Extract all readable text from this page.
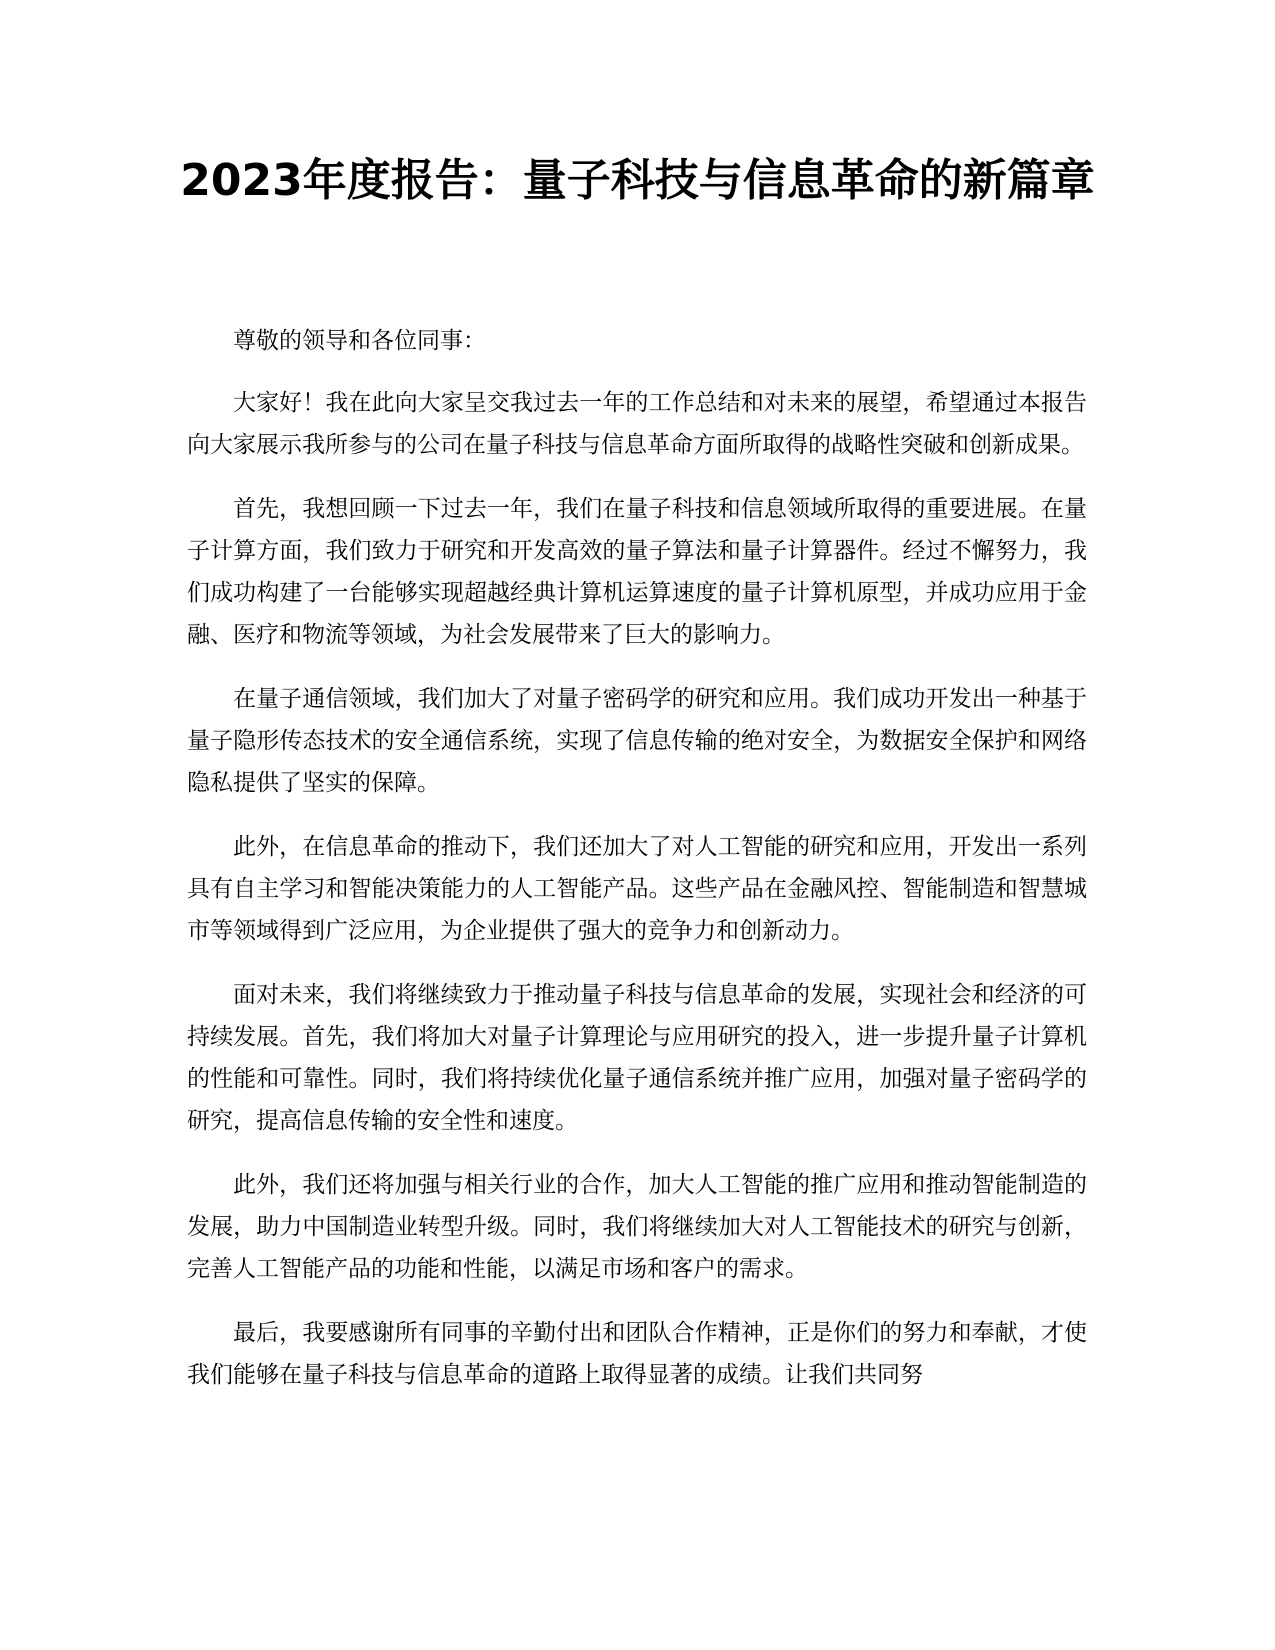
2023年度报告：量子科技与信息革命的新篇章

尊敬的领导和各位同事：

大家好！我在此向大家呈交我过去一年的工作总结和对未来的展望，希望通过本报告向大家展示我所参与的公司在量子科技与信息革命方面所取得的战略性突破和创新成果。

首先，我想回顾一下过去一年，我们在量子科技和信息领域所取得的重要进展。在量子计算方面，我们致力于研究和开发高效的量子算法和量子计算器件。经过不懈努力，我们成功构建了一台能够实现超越经典计算机运算速度的量子计算机原型，并成功应用于金融、医疗和物流等领域，为社会发展带来了巨大的影响力。

在量子通信领域，我们加大了对量子密码学的研究和应用。我们成功开发出一种基于量子隐形传态技术的安全通信系统，实现了信息传输的绝对安全，为数据安全保护和网络隐私提供了坚实的保障。

此外，在信息革命的推动下，我们还加大了对人工智能的研究和应用，开发出一系列具有自主学习和智能决策能力的人工智能产品。这些产品在金融风控、智能制造和智慧城市等领域得到广泛应用，为企业提供了强大的竞争力和创新动力。

面对未来，我们将继续致力于推动量子科技与信息革命的发展，实现社会和经济的可持续发展。首先，我们将加大对量子计算理论与应用研究的投入，进一步提升量子计算机的性能和可靠性。同时，我们将持续优化量子通信系统并推广应用，加强对量子密码学的研究，提高信息传输的安全性和速度。

此外，我们还将加强与相关行业的合作，加大人工智能的推广应用和推动智能制造的发展，助力中国制造业转型升级。同时，我们将继续加大对人工智能技术的研究与创新，完善人工智能产品的功能和性能，以满足市场和客户的需求。

最后，我要感谢所有同事的辛勤付出和团队合作精神，正是你们的努力和奉献，才使我们能够在量子科技与信息革命的道路上取得显著的成绩。让我们共同努
